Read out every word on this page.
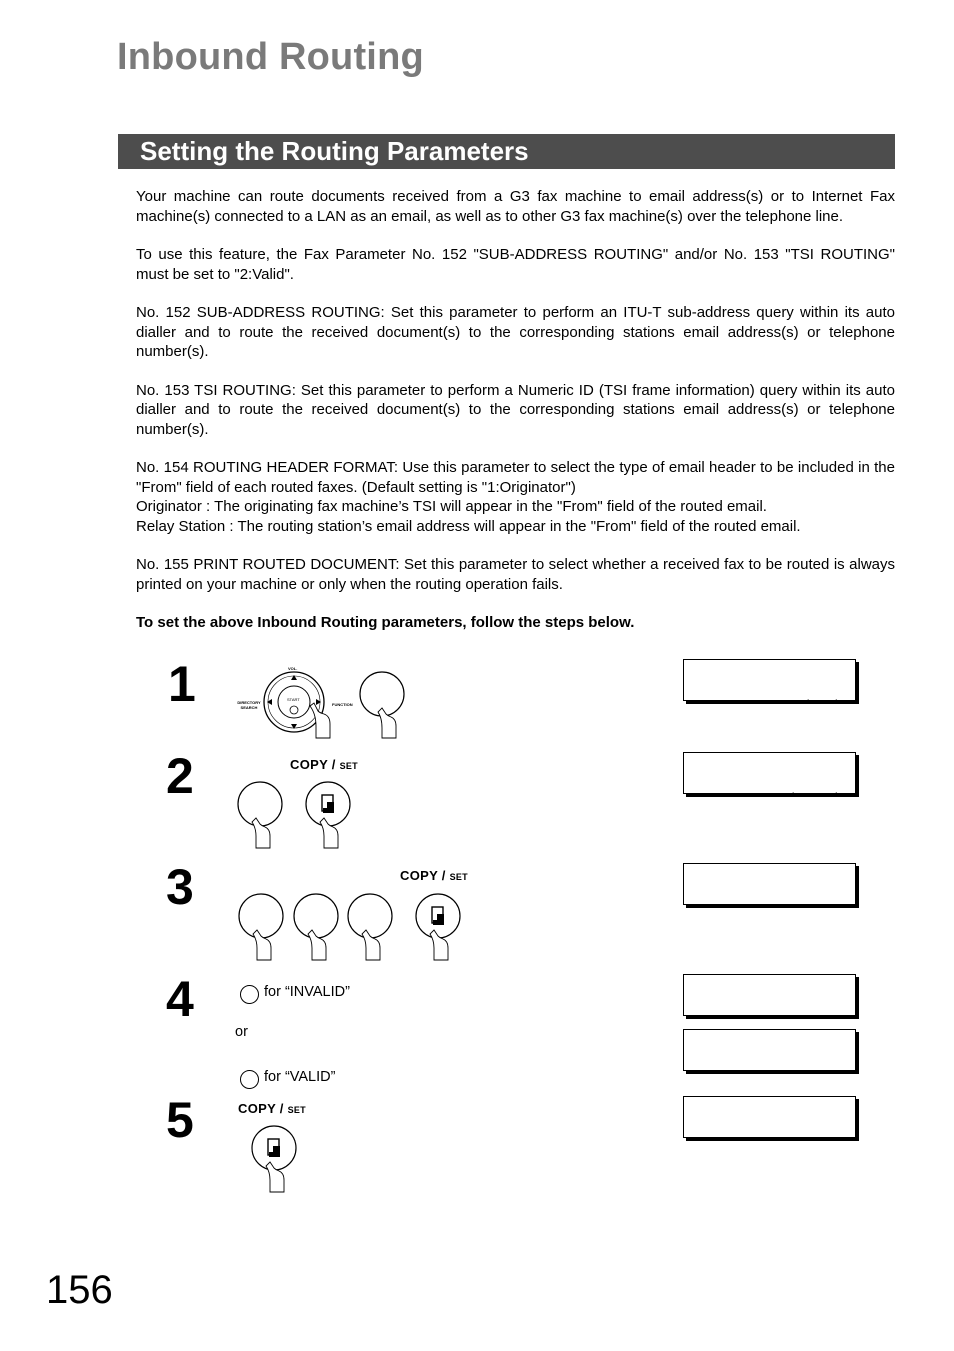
Inbound Routing
Setting the Routing Parameters

Your machine can route documents received from a G3 fax machine to email address(s) or to Internet Fax machine(s) connected to a LAN as an email, as well as to other G3 fax machine(s) over the telephone line.

To use this feature, the Fax Parameter No. 152 "SUB-ADDRESS ROUTING" and/or No. 153 "TSI ROUTING" must be set to "2:Valid".

No. 152 SUB-ADDRESS ROUTING: Set this parameter to perform an ITU-T sub-address query within its auto dialler and to route the received document(s) to the corresponding stations email address(s) or telephone number(s).

No. 153 TSI ROUTING: Set this parameter to perform a Numeric ID (TSI frame information) query within its auto dialler and to route the received document(s) to the corresponding stations email address(s) or telephone number(s).

No. 154 ROUTING HEADER FORMAT: Use this parameter to select the type of email header to be included in the "From" field of each routed faxes. (Default setting is "1:Originator")

Originator : The originating fax machine’s TSI will appear in the "From" field of the routed email.

Relay Station : The routing station’s email address will appear in the "From" field of the routed email.

No. 155 PRINT ROUTED DOCUMENT: Set this parameter to select whether a received fax to be routed is always printed on your machine or only when the routing operation fails.

To set the above Inbound Routing parameters, follow the steps below.

1
2
3
4
5
VOL.
START
DIRECTORY SEARCH
FUNCTION
COPY / SET
COPY / SET
for “INVALID”
or
for “VALID”
COPY / SET

156
